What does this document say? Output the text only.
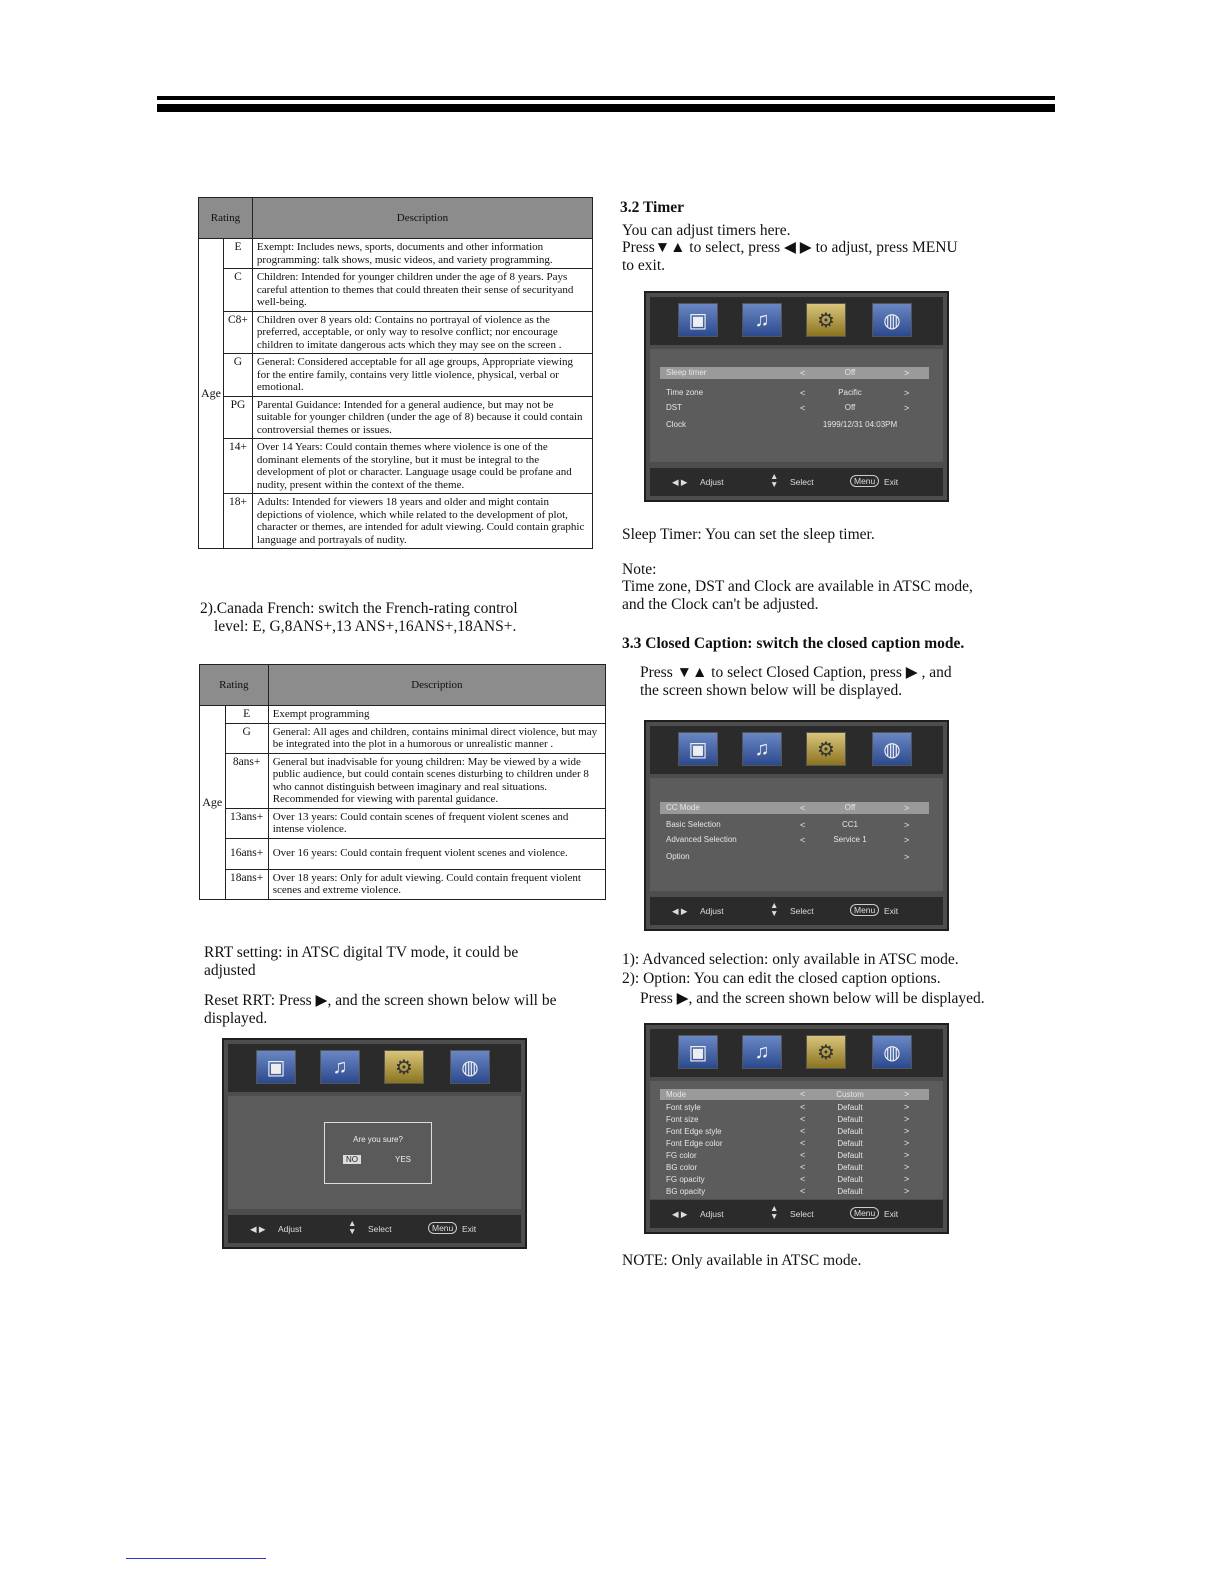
Rating		Description
Age	E	Exempt: Includes news, sports, documents and other information programming: talk shows, music videos, and variety programming.
	C	Children: Intended for younger children under the age of 8 years. Pays careful attention to themes that could threaten their sense of securityand well-being.
	C8+	Children over 8 years old: Contains no portrayal of violence as the preferred, acceptable, or only way to resolve conflict; nor encourage children to imitate dangerous acts which they may see on the screen .
	G	General: Considered acceptable for all age groups, Appropriate viewing for the entire family, contains very little violence, physical, verbal or emotional.
	PG	Parental Guidance: Intended for a general audience, but may not be suitable for younger children (under the age of 8) because it could contain controversial themes or issues.
	14+	Over 14 Years: Could contain themes where violence is one of the dominant elements of the storyline, but it must be integral to the development of plot or character. Language usage could be profane and nudity, present within the context of the theme.
	18+	Adults: Intended for viewers 18 years and older and might contain depictions of violence, which while related to the development of plot, character or themes, are intended for adult viewing. Could contain graphic language and portrayals of nudity.
2).Canada French: switch the French-rating control
level: E, G,8ANS+,13 ANS+,16ANS+,18ANS+.
Rating		Description
Age	E	Exempt programming
	G	General: All ages and children, contains minimal direct violence, but may be integrated into the plot in a humorous or unrealistic manner .
	8ans+	General but inadvisable for young children: May be viewed by a wide public audience, but could contain scenes disturbing to children under 8 who cannot distinguish between imaginary and real situations. Recommended for viewing with parental guidance.
	13ans+	Over 13 years: Could contain scenes of frequent violent scenes and intense violence.
	16ans+	Over 16 years: Could contain frequent violent scenes and violence.
	18ans+	Over 18 years: Only for adult viewing. Could contain frequent violent scenes and extreme violence.
RRT setting: in ATSC digital TV mode, it could be
adjusted
Reset RRT: Press ▶, and the screen shown below will be
displayed.
▣	♫	⚙	◍
Are you sure?
NO	YES
◀ ▶ Adjust
▲
▼ Select	Menu	Exit
3.2 Timer
You can adjust timers here.
Press▼▲ to select, press ◀ ▶ to adjust, press MENU
to exit.
▣	♫	⚙	◍
Sleep timer	<	Off	>
Time zone	<	Pacific	>
DST	<	Off	>
Clock	1999/12/31 04:03PM
◀ ▶ Adjust
▲
▼ Select	Menu	Exit
Sleep Timer: You can set the sleep timer.
Note:
Time zone, DST and Clock are available in ATSC mode,
and the Clock can't be adjusted.
3.3 Closed Caption: switch the closed caption mode.
Press ▼▲ to select Closed Caption, press ▶ , and
the screen shown below will be displayed.
▣	♫	⚙	◍
CC Mode	<	Off	>
Basic Selection	<	CC1	>
Advanced Selection	<	Service 1	>
Option	>
◀ ▶ Adjust
▲
▼ Select	Menu	Exit
1): Advanced selection: only available in ATSC mode.
2): Option: You can edit the closed caption options.
Press ▶, and the screen shown below will be displayed.
▣	♫	⚙	◍
Mode	<	Custom	>
Font style	<	Default	>
Font size	<	Default	>
Font Edge style	<	Default	>
Font Edge color	<	Default	>
FG color	<	Default	>
BG color	<	Default	>
FG opacity	<	Default	>
BG opacity	<	Default	>
◀ ▶ Adjust
▲
▼ Select	Menu	Exit
NOTE: Only available in ATSC mode.
